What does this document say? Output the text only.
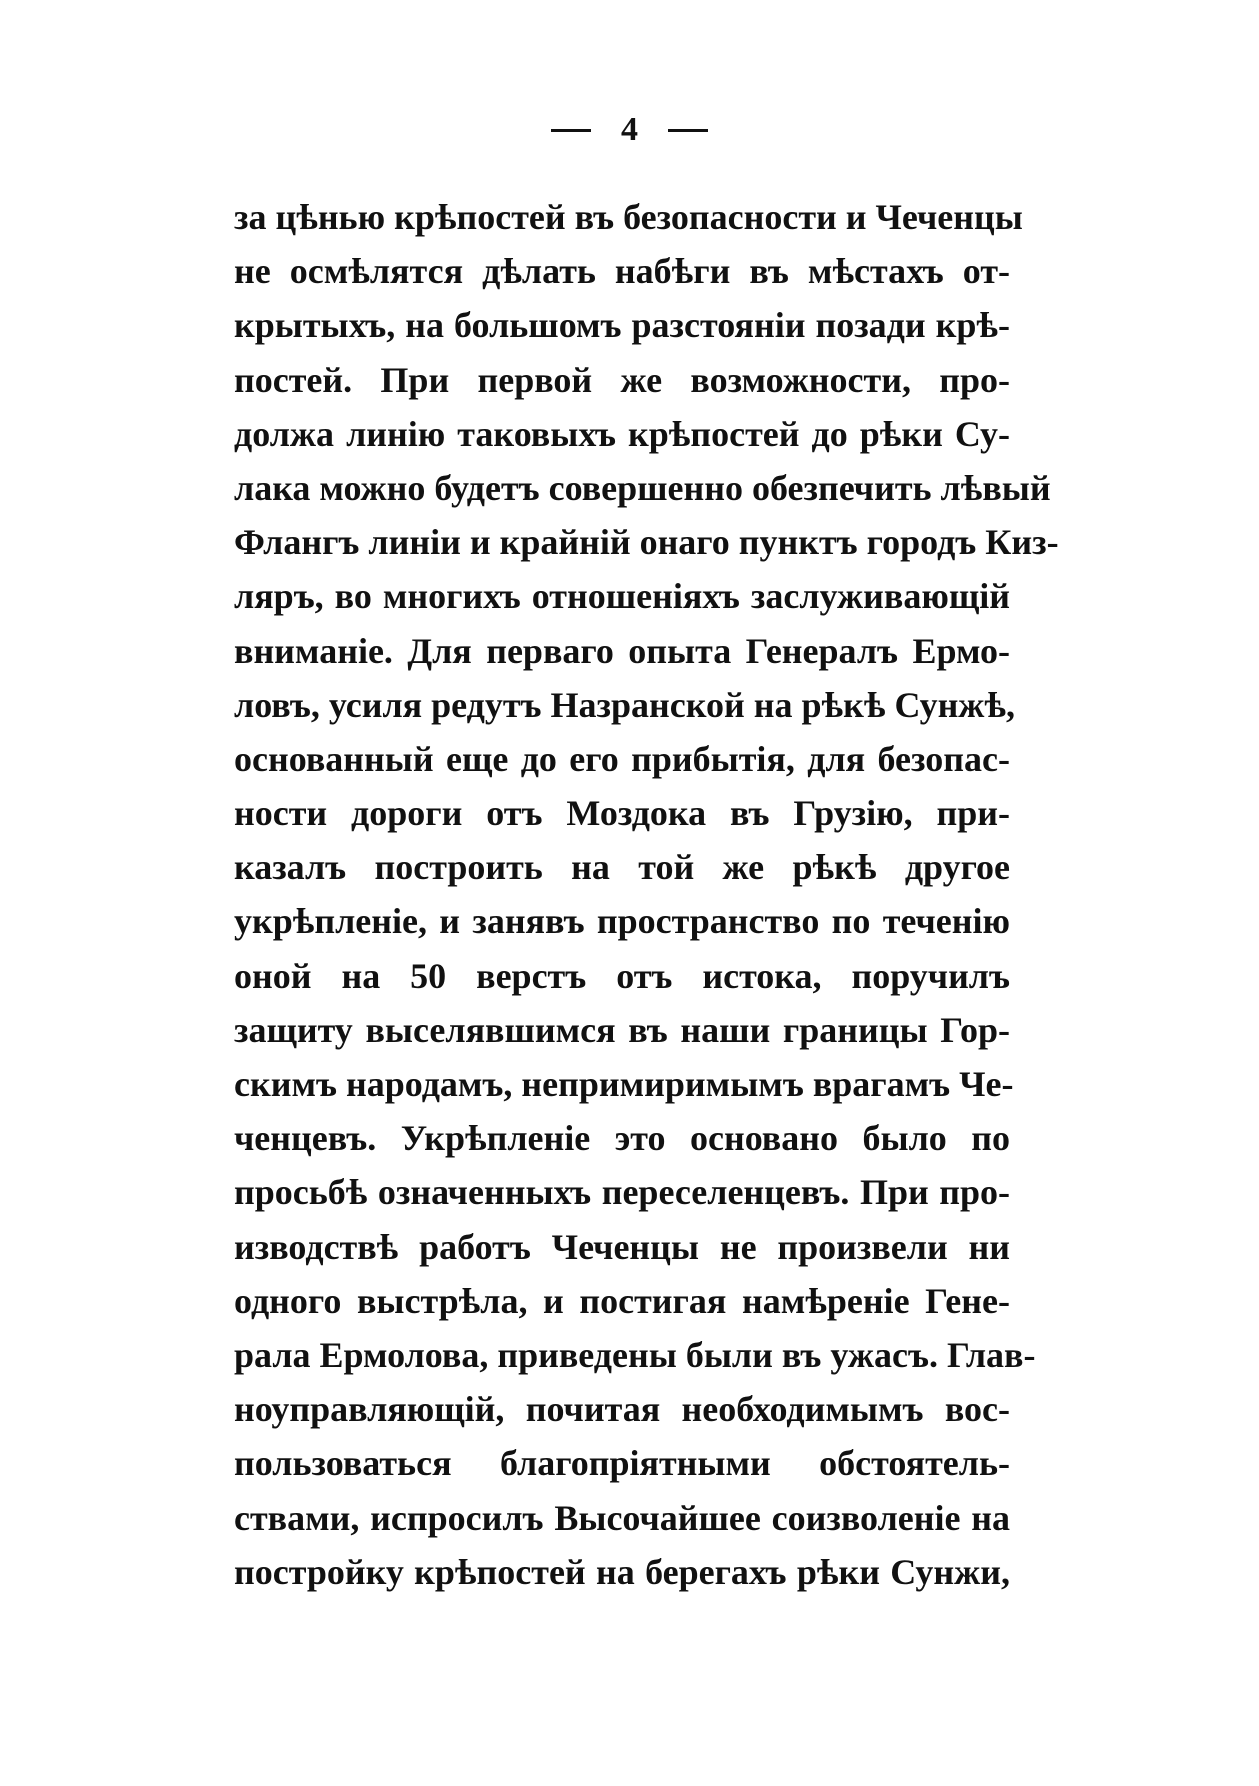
4
за цѣнью крѣпостей въ безопасности и Чеченцы
не осмѣлятся дѣлать набѣги въ мѣстахъ от-
крытыхъ, на большомъ разстояніи позади крѣ-
постей. При первой же возможности, про-
должа линію таковыхъ крѣпостей до рѣки Су-
лака можно будетъ совершенно обезпечить лѣвый
Флангъ линіи и крайній онаго пунктъ городъ Киз-
ляръ, во многихъ отношеніяхъ заслуживающій
вниманіе. Для перваго опыта Генералъ Ермо-
ловъ, усиля редутъ Назранской на рѣкѣ Сунжѣ,
основанный еще до его прибытія, для безопас-
ности дороги отъ Моздока въ Грузію, при-
казалъ построить на той же рѣкѣ другое
укрѣпленіе, и занявъ пространство по теченію
оной на 50 верстъ отъ истока, поручилъ
защиту выселявшимся въ наши границы Гор-
скимъ народамъ, непримиримымъ врагамъ Че-
ченцевъ. Укрѣпленіе это основано было по
просьбѣ означенныхъ переселенцевъ. При про-
изводствѣ работъ Чеченцы не произвели ни
одного выстрѣла, и постигая намѣреніе Гене-
рала Ермолова, приведены были въ ужасъ. Глав-
ноуправляющій, почитая необходимымъ вос-
пользоваться благопріятными обстоятель-
ствами, испросилъ Высочайшее соизволеніе на
постройку крѣпостей на берегахъ рѣки Сунжи,
